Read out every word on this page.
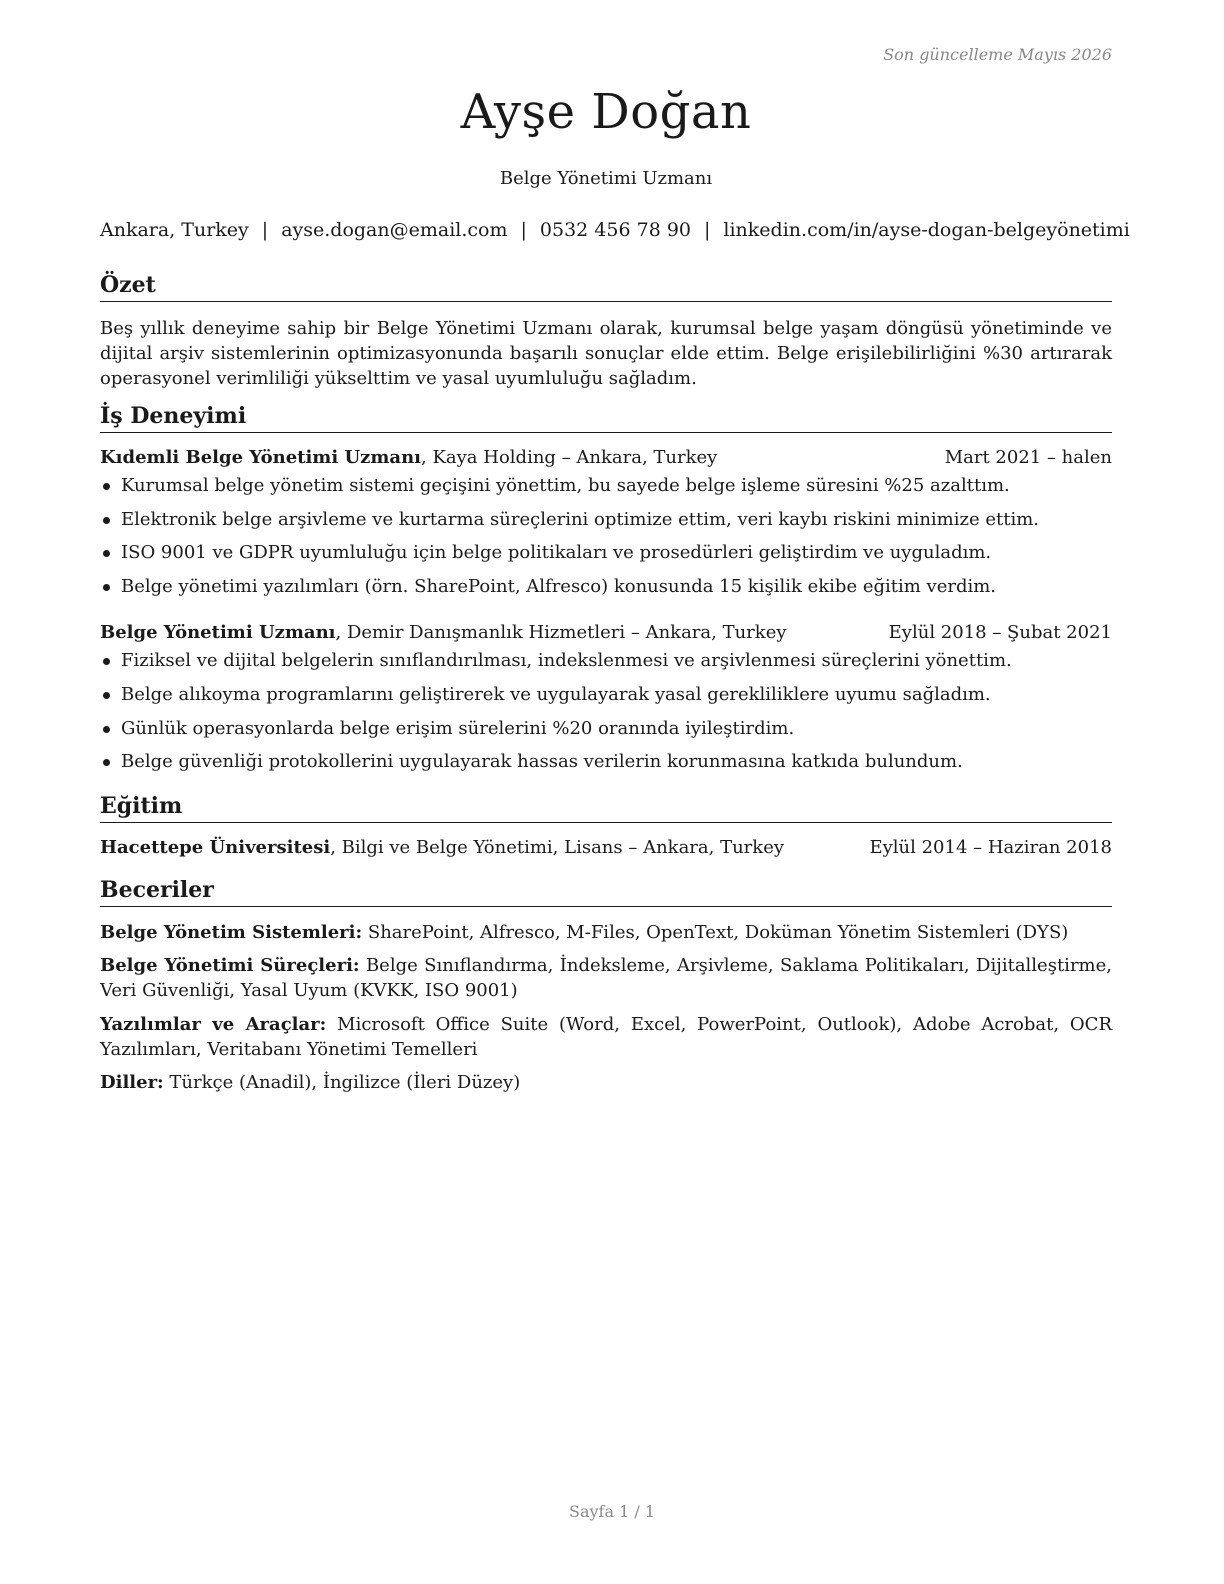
Son güncelleme Mayıs 2026
Ayşe Doğan
Belge Yönetimi Uzmanı
Ankara, Turkey | ayse.dogan@email.com | 0532 456 78 90 | linkedin.com/in/ayse-dogan-belgeyönetimi
Özet

Beş yıllık deneyime sahip bir Belge Yönetimi Uzmanı olarak, kurumsal belge yaşam döngüsü yönetiminde ve dijital arşiv sistemlerinin optimizasyonunda başarılı sonuçlar elde ettim. Belge erişilebilirliğini %30 artırarak operasyonel verimliliği yükselttim ve yasal uyumluluğu sağladım.

İş Deneyimi
Kıdemli Belge Yönetimi Uzmanı, Kaya Holding – Ankara, Turkey	Mart 2021 – halen
Kurumsal belge yönetim sistemi geçişini yönettim, bu sayede belge işleme süresini %25 azalttım.
Elektronik belge arşivleme ve kurtarma süreçlerini optimize ettim, veri kaybı riskini minimize ettim.
ISO 9001 ve GDPR uyumluluğu için belge politikaları ve prosedürleri geliştirdim ve uyguladım.
Belge yönetimi yazılımları (örn. SharePoint, Alfresco) konusunda 15 kişilik ekibe eğitim verdim.
Belge Yönetimi Uzmanı, Demir Danışmanlık Hizmetleri – Ankara, Turkey	Eylül 2018 – Şubat 2021
Fiziksel ve dijital belgelerin sınıflandırılması, indekslenmesi ve arşivlenmesi süreçlerini yönettim.
Belge alıkoyma programlarını geliştirerek ve uygulayarak yasal gerekliliklere uyumu sağladım.
Günlük operasyonlarda belge erişim sürelerini %20 oranında iyileştirdim.
Belge güvenliği protokollerini uygulayarak hassas verilerin korunmasına katkıda bulundum.
Eğitim
Hacettepe Üniversitesi, Bilgi ve Belge Yönetimi, Lisans – Ankara, Turkey	Eylül 2014 – Haziran 2018
Beceriler
Belge Yönetim Sistemleri: SharePoint, Alfresco, M-Files, OpenText, Doküman Yönetim Sistemleri (DYS)
Belge Yönetimi Süreçleri: Belge Sınıflandırma, İndeksleme, Arşivleme, Saklama Politikaları, Dijitalleştirme, Veri Güvenliği, Yasal Uyum (KVKK, ISO 9001)
Yazılımlar ve Araçlar: Microsoft Office Suite (Word, Excel, PowerPoint, Outlook), Adobe Acrobat, OCR Yazılımları, Veritabanı Yönetimi Temelleri
Diller: Türkçe (Anadil), İngilizce (İleri Düzey)
Sayfa 1 / 1
